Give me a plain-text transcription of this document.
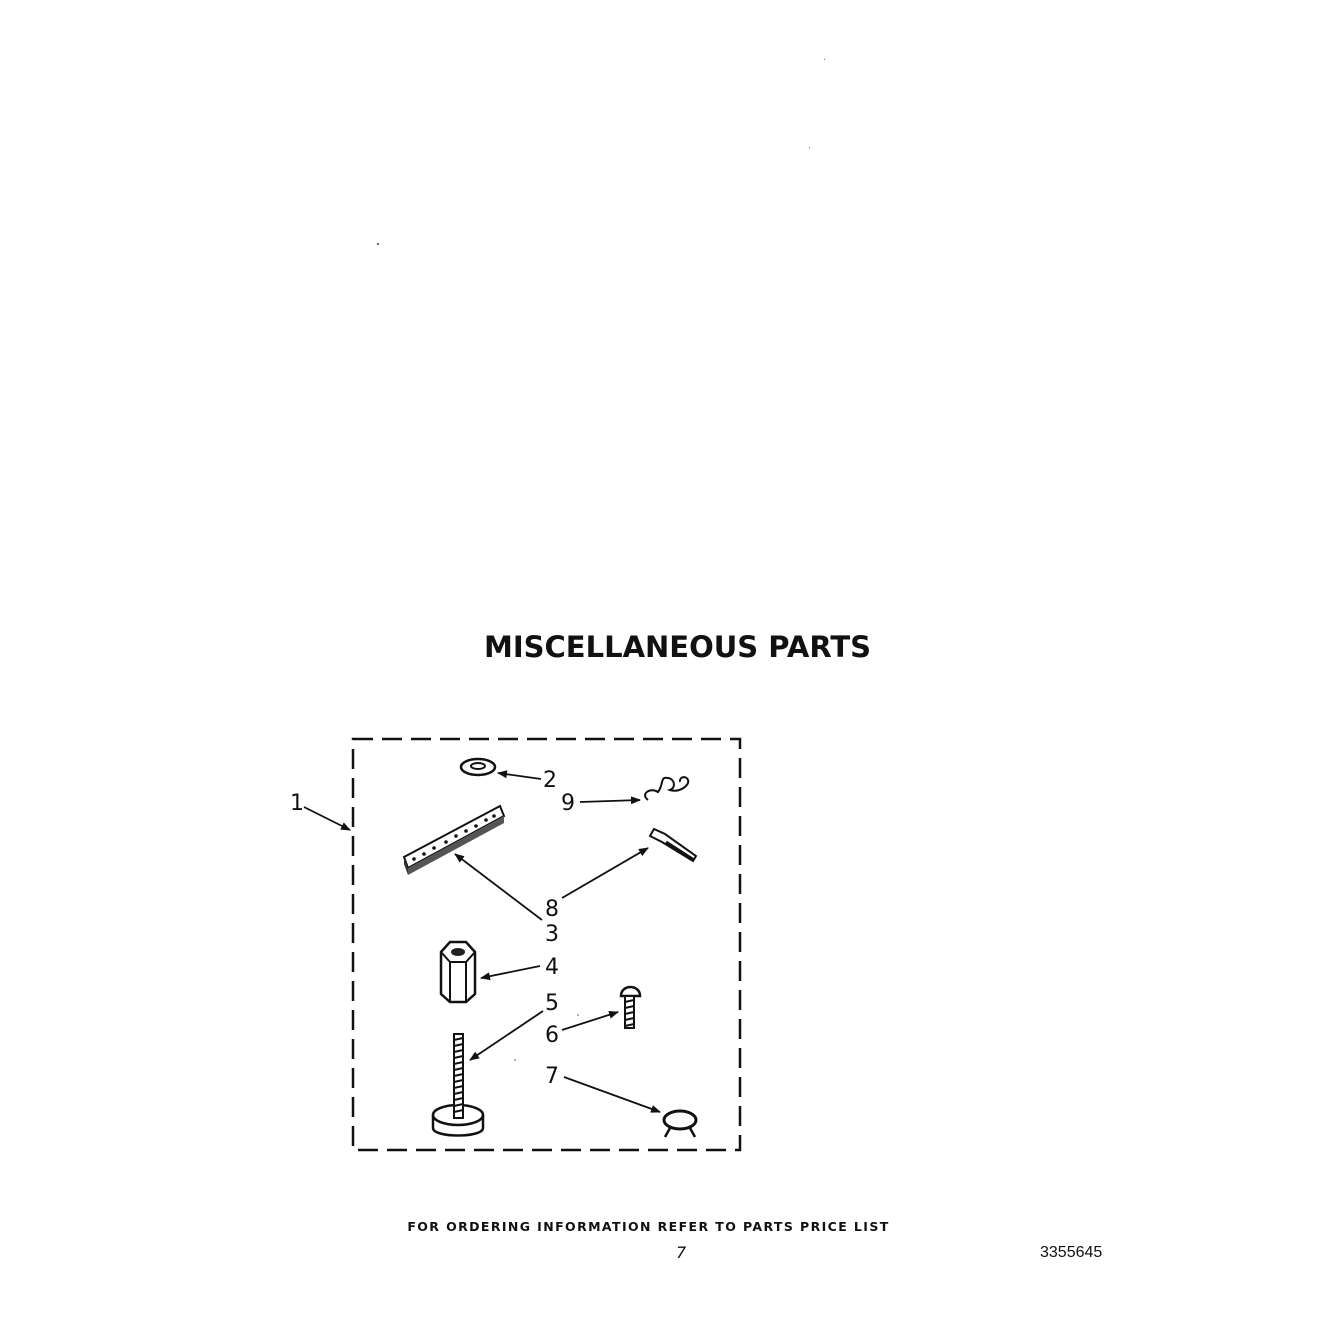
MISCELLANEOUS PARTS
1
2
9
8
3
4
5
6
7
FOR ORDERING INFORMATION REFER TO PARTS PRICE LIST
7	3355645
